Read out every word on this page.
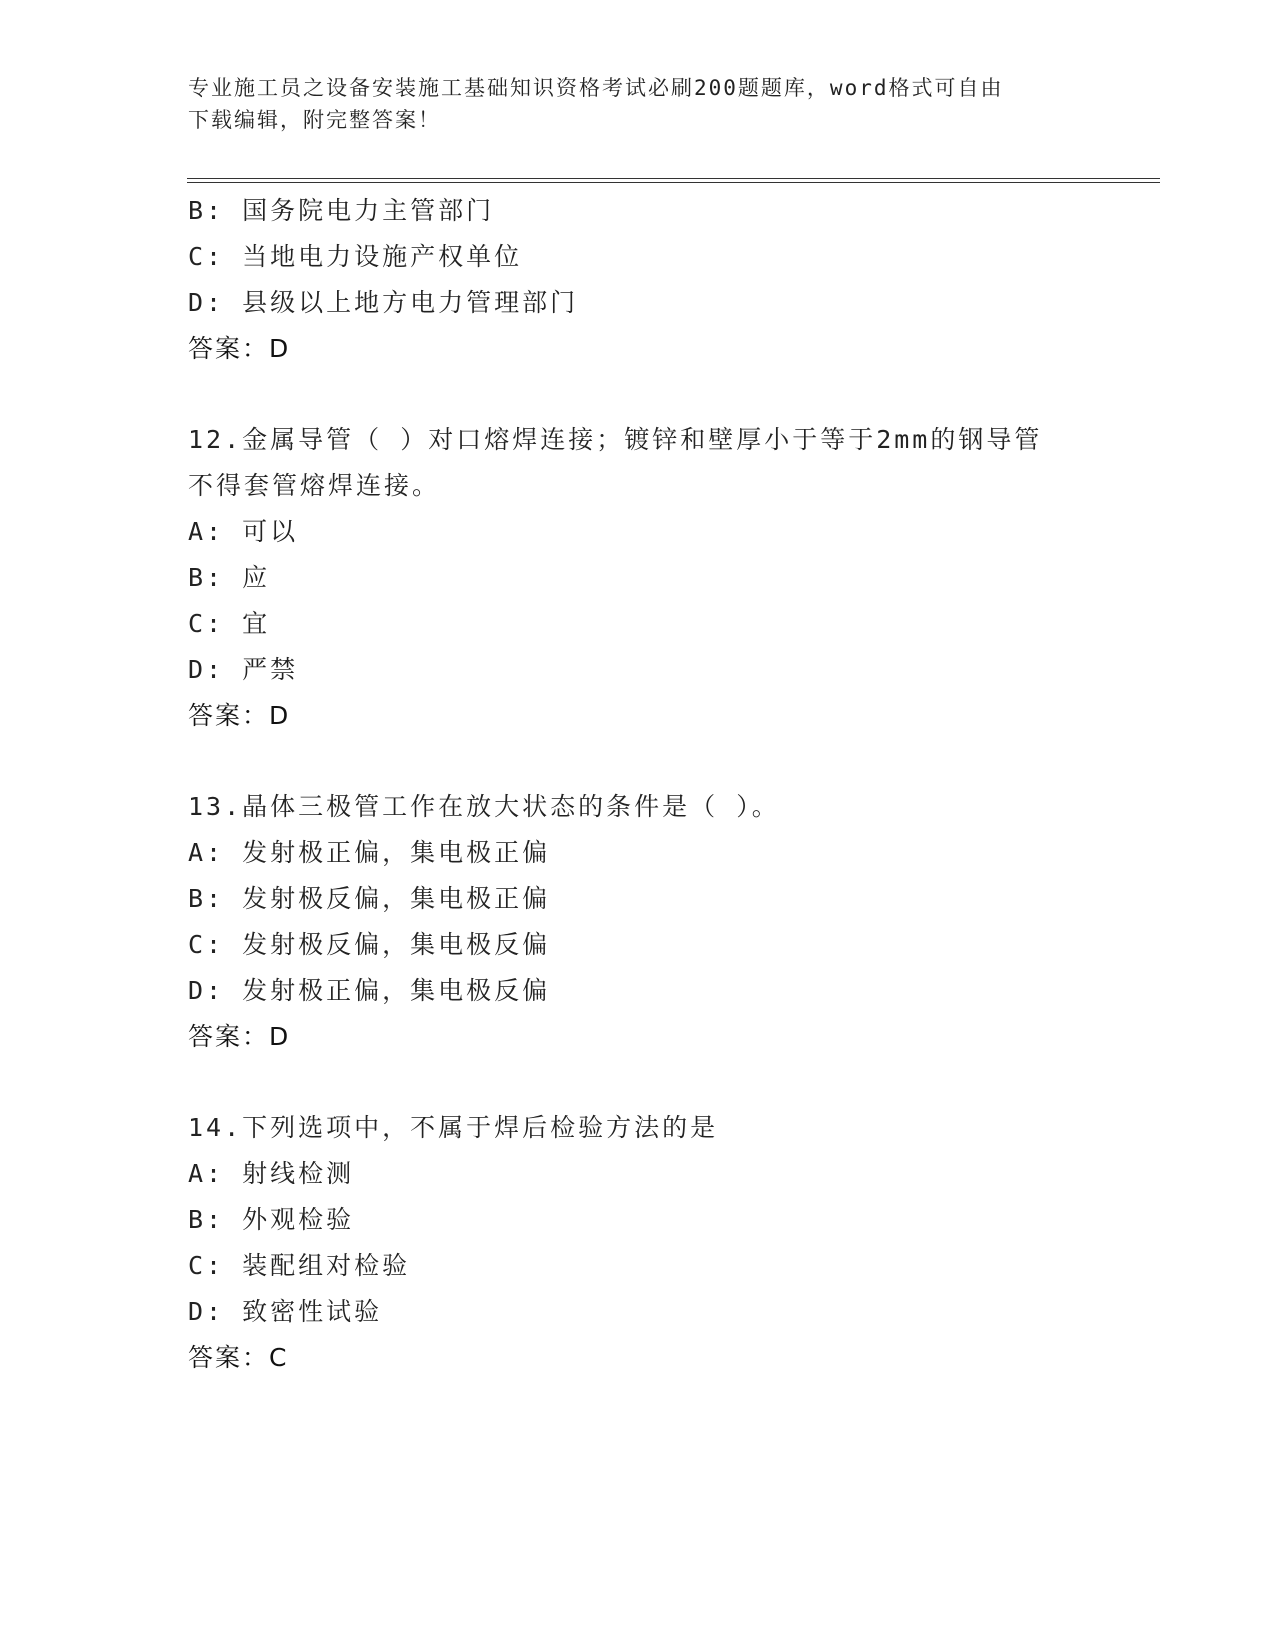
专业施工员之设备安装施工基础知识资格考试必刷200题题库，word格式可自由
下载编辑，附完整答案！
B: 国务院电力主管部门
C: 当地电力设施产权单位
D: 县级以上地方电力管理部门
答案：D
12.金属导管（ ）对口熔焊连接；镀锌和壁厚小于等于2mm的钢导管
不得套管熔焊连接。
A: 可以
B: 应
C: 宜
D: 严禁
答案：D
13.晶体三极管工作在放大状态的条件是（ ）。
A: 发射极正偏，集电极正偏
B: 发射极反偏，集电极正偏
C: 发射极反偏，集电极反偏
D: 发射极正偏，集电极反偏
答案：D
14.下列选项中，不属于焊后检验方法的是
A: 射线检测
B: 外观检验
C: 装配组对检验
D: 致密性试验
答案：C
